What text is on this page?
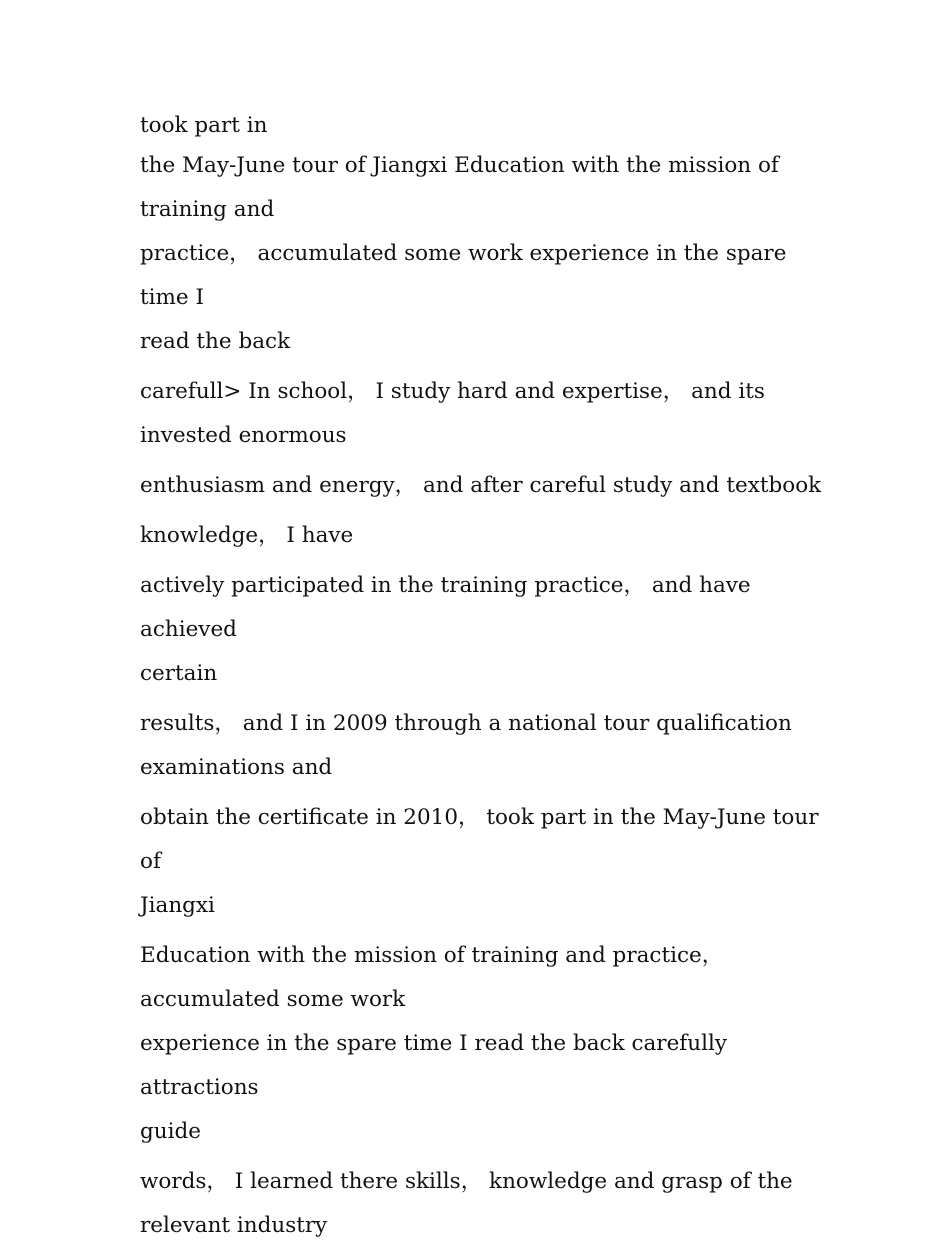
took part in

the May-June tour of Jiangxi Education with the mission of
training and

practice， accumulated some work experience in the spare time I
read the back

carefull> In school， I study hard and expertise， and its
invested enormous

enthusiasm and energy， and after careful study and textbook

knowledge， I have

actively participated in the training practice， and have achieved
certain

results， and I in 2009 through a national tour qualification
examinations and

obtain the certificate in 2010， took part in the May-June tour of
Jiangxi

Education with the mission of training and practice，
accumulated some work

experience in the spare time I read the back carefully attractions
guide

words， I learned there skills， knowledge and grasp of the
relevant industry
